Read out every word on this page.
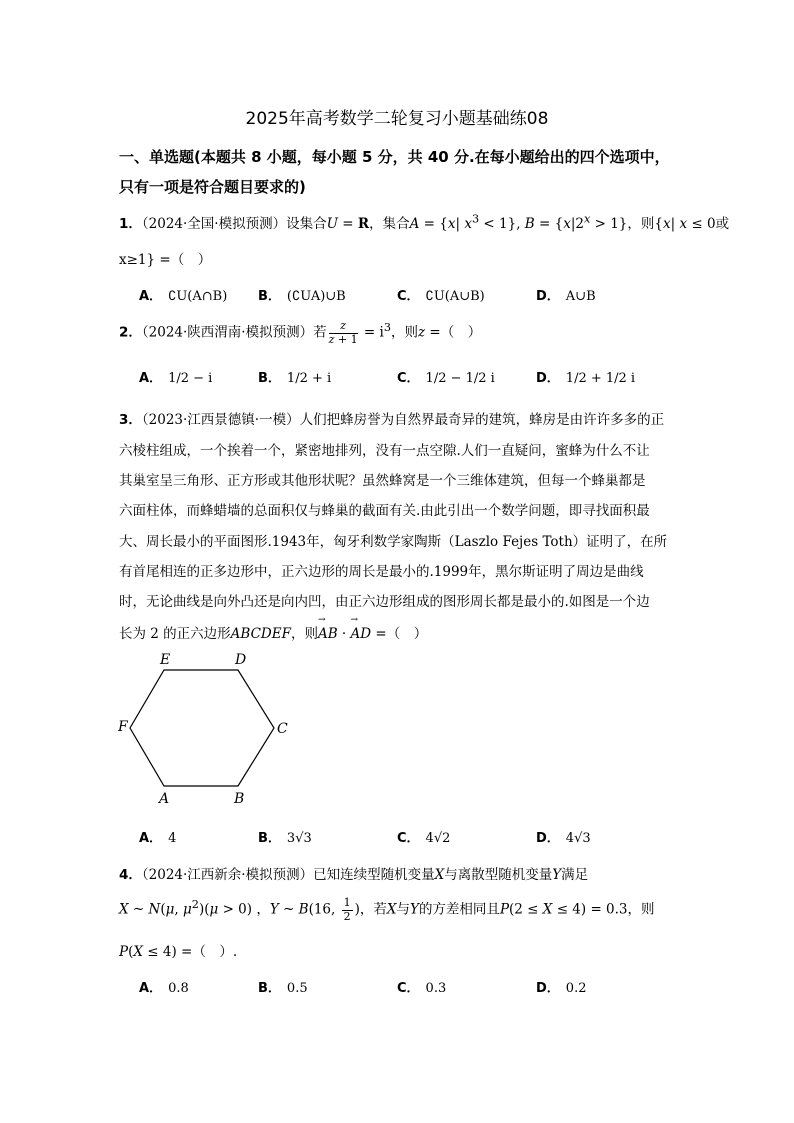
2025年高考数学二轮复习小题基础练08
一、单选题(本题共 8 小题，每小题 5 分，共 40 分.在每小题给出的四个选项中，
只有一项是符合题目要求的)
1．（2024·全国·模拟预测）设集合U = R，集合A = {x| $x^3 < 1$}, $B = \{x|2^x > 1\}$，则{x| x ≤ 0或
x≥1} =（　）
A． ∁U(A∩B) B． (∁UA)∪B	C． ∁U(A∪B)	D． A∪B
2．（2024·陕西渭南·模拟预测）若 $\frac{z}{z + 1} = i^3$，则z =（　）
A． 1/2 − i	B． 1/2 + i	C． 1/2 − 1/2 i	D． 1/2 + 1/2 i
3．（2023·江西景德镇·一模）人们把蜂房誉为自然界最奇异的建筑，蜂房是由许许多多的正
六棱柱组成，一个挨着一个，紧密地排列，没有一点空隙.人们一直疑问，蜜蜂为什么不让
其巢室呈三角形、正方形或其他形状呢？虽然蜂窝是一个三维体建筑，但每一个蜂巢都是
六面柱体，而蜂蜡墙的总面积仅与蜂巢的截面有关.由此引出一个数学问题，即寻找面积最
大、周长最小的平面图形.1943年，匈牙利数学家陶斯（Laszlo Fejes Toth）证明了，在所
有首尾相连的正多边形中，正六边形的周长是最小的.1999年，黑尔斯证明了周边是曲线
时，无论曲线是向外凸还是向内凹，由正六边形组成的图形周长都是最小的.如图是一个边
长为 2 的正六边形ABCDEF，则→ AB · → AD =（　）
E	D
C
B
A
F
A． 4	B． 3√3	C． 4√2	D． 4√3
4．（2024·江西新余·模拟预测）已知连续型随机变量X与离散型随机变量Y满足
X ~ N(μ, $\mu^2)(\mu > 0)$ ，Y ~ B(16, $\frac{1}{2}$ )，若X与Y的方差相同且P(2 ≤ X ≤ 4) = 0.3，则
P(X ≤ 4) =（　）.
A． 0.8	B． 0.5	C． 0.3	D． 0.2
